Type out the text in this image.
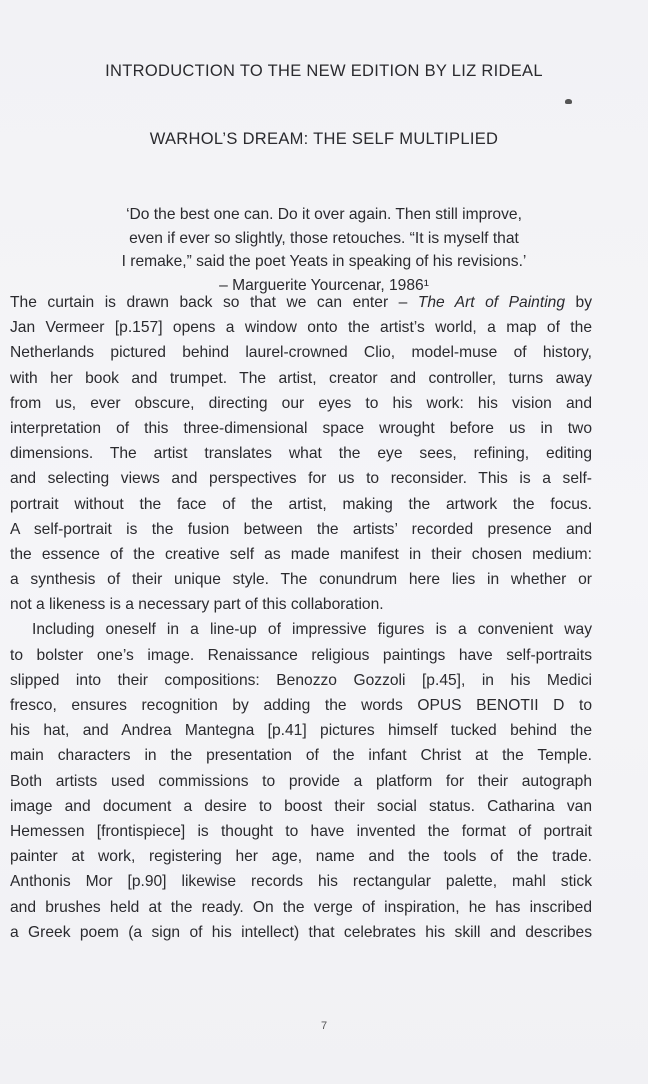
INTRODUCTION TO THE NEW EDITION BY LIZ RIDEAL
WARHOL’S DREAM: THE SELF MULTIPLIED
‘Do the best one can. Do it over again. Then still improve,
even if ever so slightly, those retouches. “It is myself that
I remake,” said the poet Yeats in speaking of his revisions.’
– Marguerite Yourcenar, 1986¹
The curtain is drawn back so that we can enter – The Art of Painting by
Jan Vermeer [p.157] opens a window onto the artist’s world, a map of the
Netherlands pictured behind laurel-crowned Clio, model-muse of history,
with her book and trumpet. The artist, creator and controller, turns away
from us, ever obscure, directing our eyes to his work: his vision and
interpretation of this three-dimensional space wrought before us in two
dimensions. The artist translates what the eye sees, refining, editing
and selecting views and perspectives for us to reconsider. This is a self-
portrait without the face of the artist, making the artwork the focus.
A self-portrait is the fusion between the artists’ recorded presence and
the essence of the creative self as made manifest in their chosen medium:
a synthesis of their unique style. The conundrum here lies in whether or
not a likeness is a necessary part of this collaboration.
Including oneself in a line-up of impressive figures is a convenient way
to bolster one’s image. Renaissance religious paintings have self-portraits
slipped into their compositions: Benozzo Gozzoli [p.45], in his Medici
fresco, ensures recognition by adding the words OPUS BENOTII D to
his hat, and Andrea Mantegna [p.41] pictures himself tucked behind the
main characters in the presentation of the infant Christ at the Temple.
Both artists used commissions to provide a platform for their autograph
image and document a desire to boost their social status. Catharina van
Hemessen [frontispiece] is thought to have invented the format of portrait
painter at work, registering her age, name and the tools of the trade.
Anthonis Mor [p.90] likewise records his rectangular palette, mahl stick
and brushes held at the ready. On the verge of inspiration, he has inscribed
a Greek poem (a sign of his intellect) that celebrates his skill and describes
7
